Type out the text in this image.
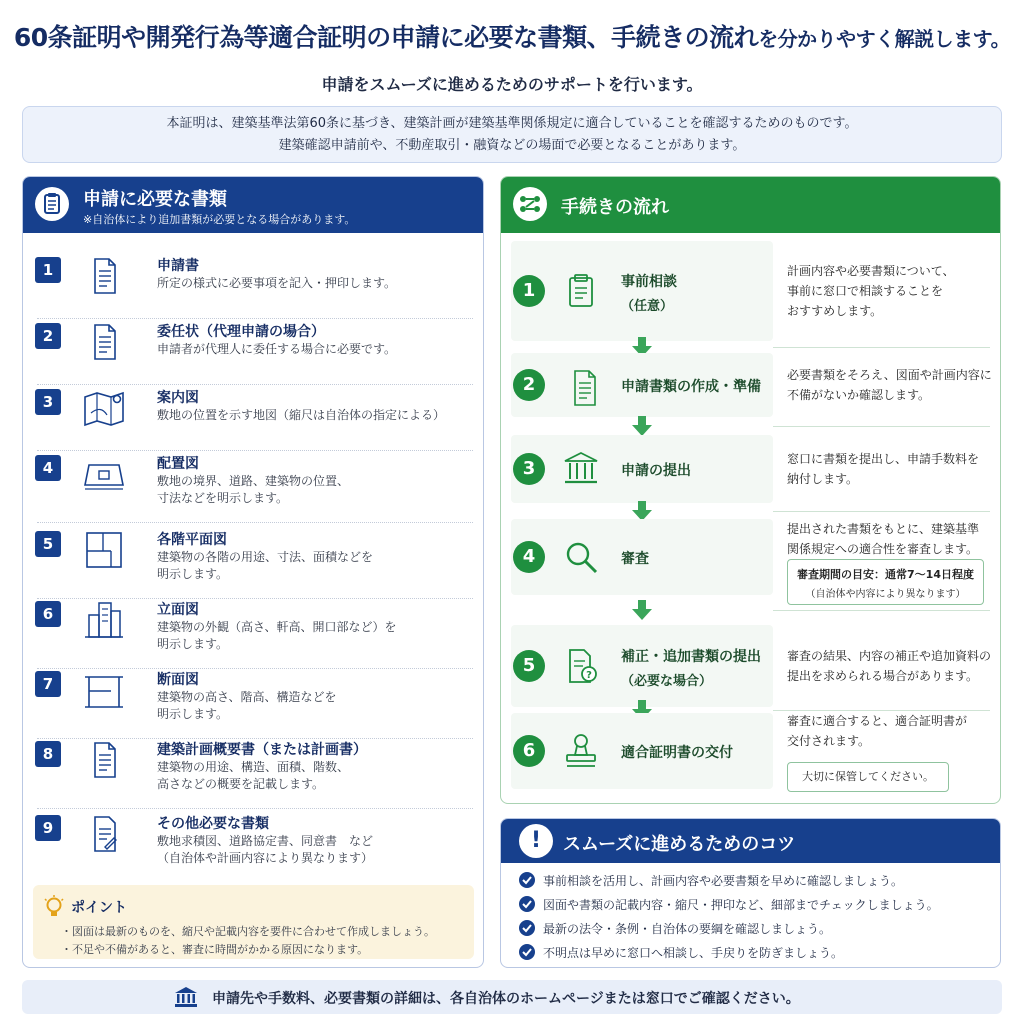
60条証明や開発行為等適合証明の申請に必要な書類、手続きの流れを分かりやすく解説します。
申請をスムーズに進めるためのサポートを行います。
本証明は、建築基準法第60条に基づき、建築計画が建築基準関係規定に適合していることを確認するためのものです。
建築確認申請前や、不動産取引・融資などの場面で必要となることがあります。
申請に必要な書類
※自治体により追加書類が必要となる場合があります。
1	申請書
所定の様式に必要事項を記入・押印します。
2	委任状（代理申請の場合）
申請者が代理人に委任する場合に必要です。
3	案内図
敷地の位置を示す地図（縮尺は自治体の指定による）
4	配置図
敷地の境界、道路、建築物の位置、
寸法などを明示します。
5	各階平面図
建築物の各階の用途、寸法、面積などを
明示します。
6	立面図
建築物の外観（高さ、軒高、開口部など）を
明示します。
7	断面図
建築物の高さ、階高、構造などを
明示します。
8	建築計画概要書（または計画書）
建築物の用途、構造、面積、階数、
高さなどの概要を記載します。
9	その他必要な書類
敷地求積図、道路協定書、同意書　など
（自治体や計画内容により異なります）
ポイント
・図面は最新のものを、縮尺や記載内容を要件に合わせて作成しましょう。
・不足や不備があると、審査に時間がかかる原因になります。
手続きの流れ
1	事前相談
（任意）
計画内容や必要書類について、
事前に窓口で相談することを
おすすめします。
2	申請書類の作成・準備
必要書類をそろえ、図面や計画内容に
不備がないか確認します。
3	申請の提出
窓口に書類を提出し、申請手数料を
納付します。
4	審査
提出された書類をもとに、建築基準
関係規定への適合性を審査します。
5	?
補正・追加書類の提出
（必要な場合）
審査の結果、内容の補正や追加資料の
提出を求められる場合があります。
6	適合証明書の交付
審査に適合すると、適合証明書が
交付されます。
審査期間の目安：通常7〜14日程度
（自治体や内容により異なります）
大切に保管してください。
!	スムーズに進めるためのコツ
事前相談を活用し、計画内容や必要書類を早めに確認しましょう。
図面や書類の記載内容・縮尺・押印など、細部までチェックしましょう。
最新の法令・条例・自治体の要綱を確認しましょう。
不明点は早めに窓口へ相談し、手戻りを防ぎましょう。
申請先や手数料、必要書類の詳細は、各自治体のホームページまたは窓口でご確認ください。
